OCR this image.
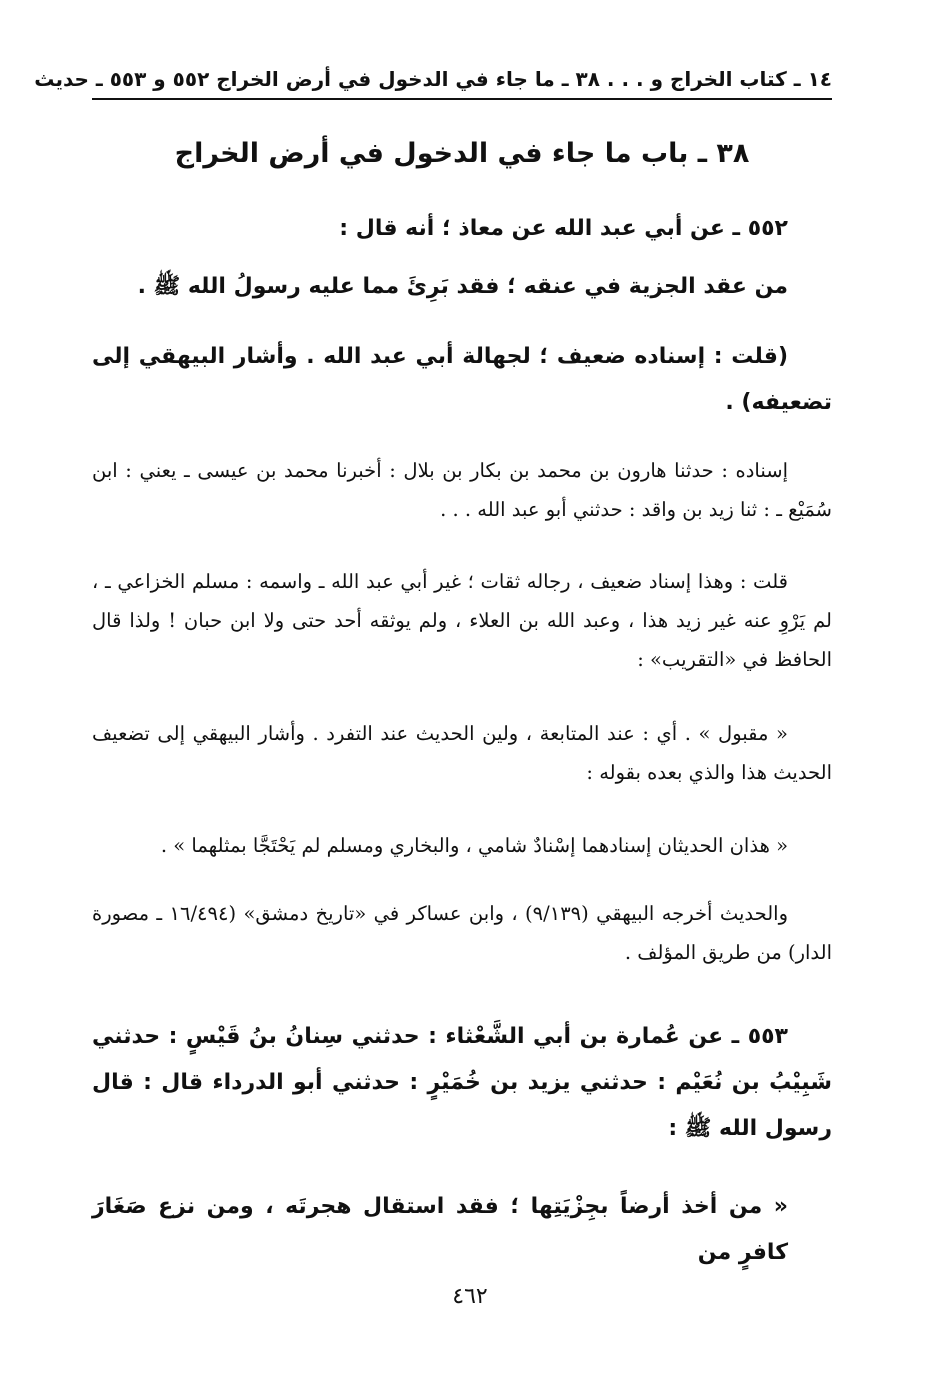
١٤ ـ كتاب الخراج و . . . ٣٨ ـ ما جاء في الدخول في أرض الخراج ٥٥٢ و ٥٥٣ ـ حديث
٣٨ ـ باب ما جاء في الدخول في أرض الخراج
٥٥٢ ـ عن أبي عبد الله عن معاذ ؛ أنه قال :
من عقد الجزية في عنقه ؛ فقد بَرِئَ مما عليه رسولُ الله ﷺ .
(قلت : إسناده ضعيف ؛ لجهالة أبي عبد الله . وأشار البيهقي إلى تضعيفه) .
إسناده : حدثنا هارون بن محمد بن بكار بن بلال : أخبرنا محمد بن عيسى ـ يعني : ابن سُمَيْع ـ : ثنا زيد بن واقد : حدثني أبو عبد الله . . .
قلت : وهذا إسناد ضعيف ، رجاله ثقات ؛ غير أبي عبد الله ـ واسمه : مسلم الخزاعي ـ ، لم يَرْوِ عنه غير زيد هذا ، وعبد الله بن العلاء ، ولم يوثقه أحد حتى ولا ابن حبان ! ولذا قال الحافظ في «التقريب» :
« مقبول » . أي : عند المتابعة ، ولين الحديث عند التفرد . وأشار البيهقي إلى تضعيف الحديث هذا والذي بعده بقوله :
« هذان الحديثان إسنادهما إسْنادٌ شامي ، والبخاري ومسلم لم يَحْتَجَّا بمثلهما » .
والحديث أخرجه البيهقي (٩/١٣٩) ، وابن عساكر في «تاريخ دمشق» (١٦/٤٩٤ ـ مصورة الدار) من طريق المؤلف .
٥٥٣ ـ عن عُمارة بن أبي الشَّعْثاء : حدثني سِنانُ بنُ قَيْسٍ : حدثني شَبِيْبُ بن نُعَيْم : حدثني يزيد بن خُمَيْرٍ : حدثني أبو الدرداء قال : قال رسول الله ﷺ :
« من أخذ أرضاً بجِزْيَتِها ؛ فقد استقال هجرتَه ، ومن نزع صَغَارَ كافرٍ من
٤٦٢
